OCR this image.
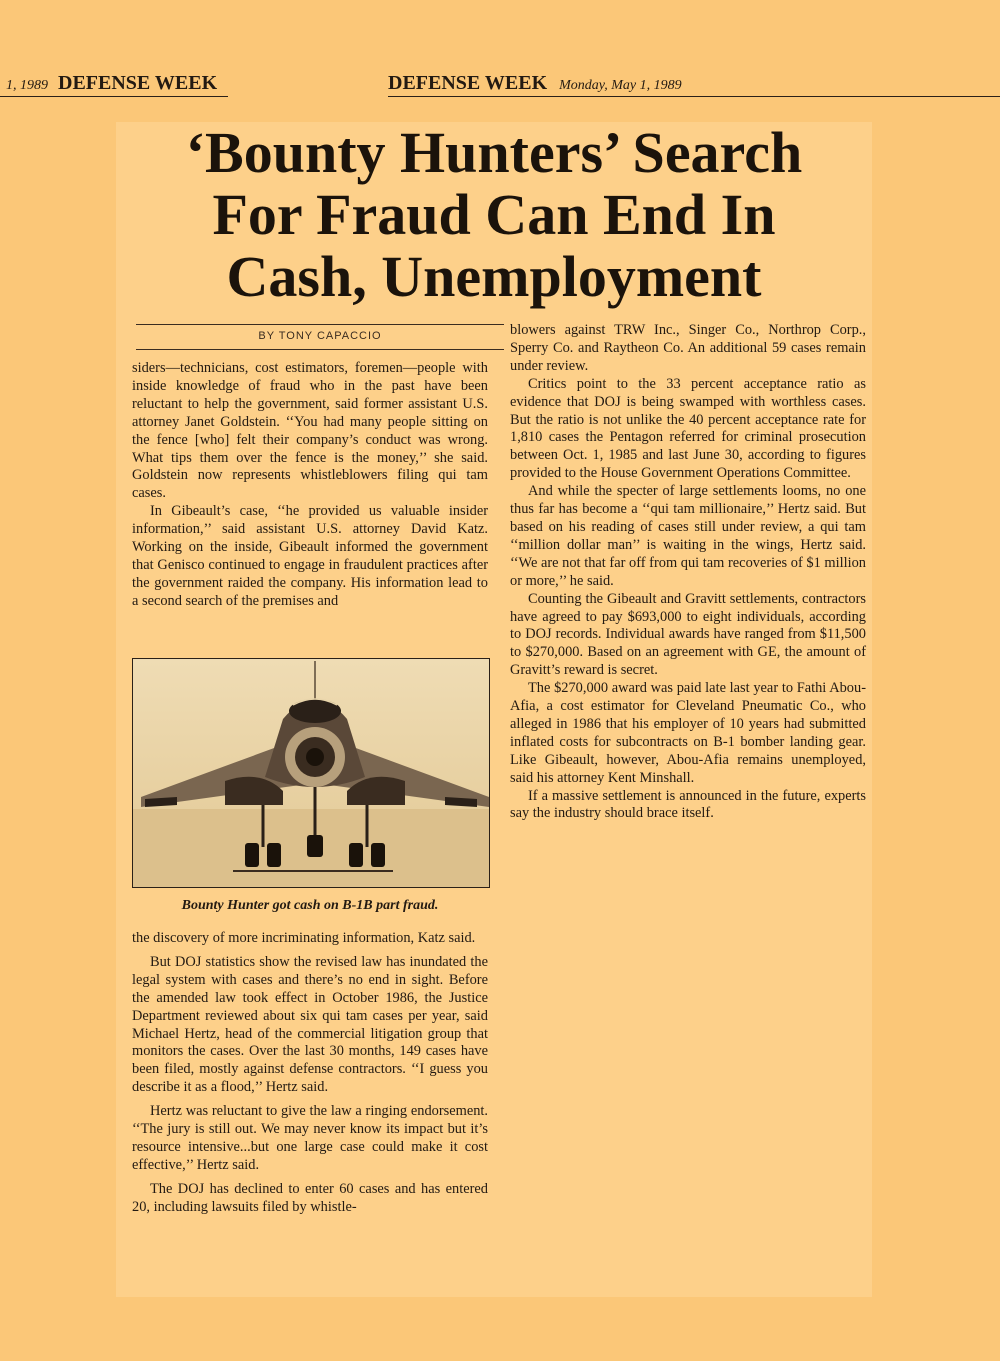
1, 1989 DEFENSE WEEK	DEFENSE WEEK Monday, May 1, 1989
‘Bounty Hunters’ Search
For Fraud Can End In
Cash, Unemployment
BY TONY CAPACCIO

siders—technicians, cost estimators, foremen—people with inside knowledge of fraud who in the past have been reluctant to help the government, said former assistant U.S. attorney Janet Goldstein. ‘‘You had many people sitting on the fence [who] felt their company’s conduct was wrong. What tips them over the fence is the money,’’ she said. Goldstein now represents whistleblowers filing qui tam cases.

In Gibeault’s case, ‘‘he provided us valuable insider information,’’ said assistant U.S. attorney David Katz. Working on the inside, Gibeault informed the government that Genisco continued to engage in fraudulent practices after the government raided the company. His information lead to a second search of the premises and

Bounty Hunter got cash on B-1B part fraud.

the discovery of more incriminating information, Katz said.

But DOJ statistics show the revised law has inundated the legal system with cases and there’s no end in sight. Before the amended law took effect in October 1986, the Justice Department reviewed about six qui tam cases per year, said Michael Hertz, head of the commercial litigation group that monitors the cases. Over the last 30 months, 149 cases have been filed, mostly against defense contractors. ‘‘I guess you describe it as a flood,’’ Hertz said.

Hertz was reluctant to give the law a ringing endorsement. ‘‘The jury is still out. We may never know its impact but it’s resource intensive...but one large case could make it cost effective,’’ Hertz said.

The DOJ has declined to enter 60 cases and has entered 20, including lawsuits filed by whistle-

blowers against TRW Inc., Singer Co., Northrop Corp., Sperry Co. and Raytheon Co. An additional 59 cases remain under review.

Critics point to the 33 percent acceptance ratio as evidence that DOJ is being swamped with worthless cases. But the ratio is not unlike the 40 percent acceptance rate for 1,810 cases the Pentagon referred for criminal prosecution between Oct. 1, 1985 and last June 30, according to figures provided to the House Government Operations Committee.

And while the specter of large settlements looms, no one thus far has become a ‘‘qui tam millionaire,’’ Hertz said. But based on his reading of cases still under review, a qui tam ‘‘million dollar man’’ is waiting in the wings, Hertz said. ‘‘We are not that far off from qui tam recoveries of $1 million or more,’’ he said.

Counting the Gibeault and Gravitt settlements, contractors have agreed to pay $693,000 to eight individuals, according to DOJ records. Individual awards have ranged from $11,500 to $270,000. Based on an agreement with GE, the amount of Gravitt’s reward is secret.

The $270,000 award was paid late last year to Fathi Abou-Afia, a cost estimator for Cleveland Pneumatic Co., who alleged in 1986 that his employer of 10 years had submitted inflated costs for subcontracts on B-1 bomber landing gear. Like Gibeault, however, Abou-Afia remains unemployed, said his attorney Kent Minshall.

If a massive settlement is announced in the future, experts say the industry should brace itself.
